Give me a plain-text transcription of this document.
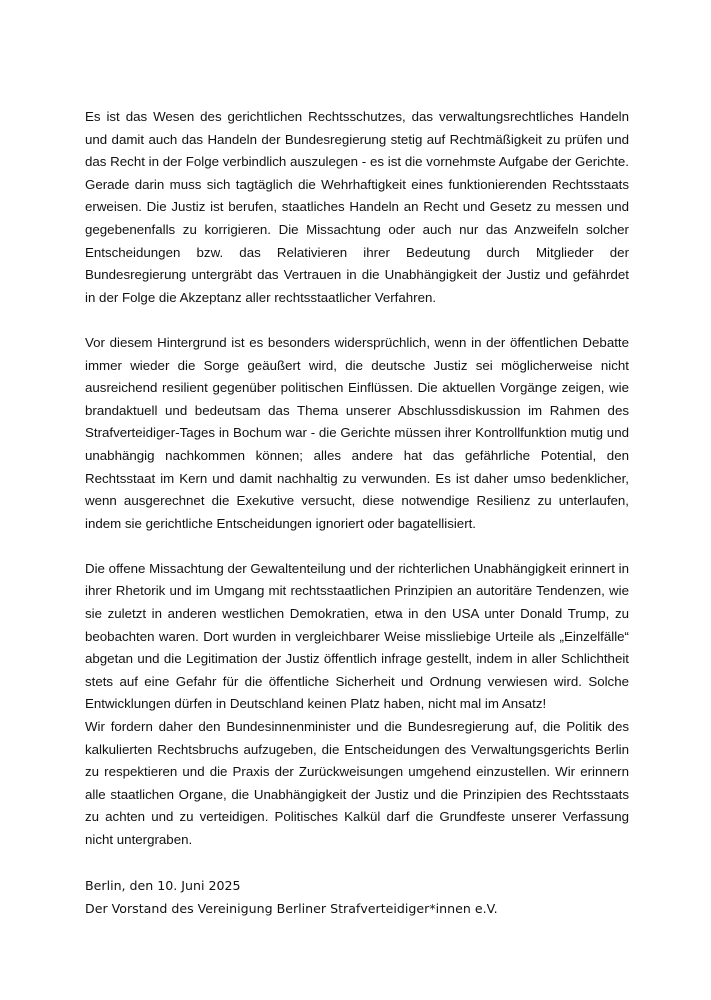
Es ist das Wesen des gerichtlichen Rechtsschutzes, das verwaltungsrechtliches Handeln und damit auch das Handeln der Bundesregierung stetig auf Rechtmäßigkeit zu prüfen und das Recht in der Folge verbindlich auszulegen - es ist die vornehmste Aufgabe der Gerichte. Gerade darin muss sich tagtäglich die Wehrhaftigkeit eines funktionierenden Rechtsstaats erweisen. Die Justiz ist berufen, staatliches Handeln an Recht und Gesetz zu messen und gegebenenfalls zu korrigieren. Die Missachtung oder auch nur das Anzweifeln solcher Entscheidungen bzw. das Relativieren ihrer Bedeutung durch Mitglieder der Bundesregierung untergräbt das Vertrauen in die Unabhängigkeit der Justiz und gefährdet in der Folge die Akzeptanz aller rechtsstaatlicher Verfahren.

Vor diesem Hintergrund ist es besonders widersprüchlich, wenn in der öffentlichen Debatte immer wieder die Sorge geäußert wird, die deutsche Justiz sei möglicherweise nicht ausreichend resilient gegenüber politischen Einflüssen. Die aktuellen Vorgänge zeigen, wie brandaktuell und bedeutsam das Thema unserer Abschlussdiskussion im Rahmen des Strafverteidiger-Tages in Bochum war - die Gerichte müssen ihrer Kontrollfunktion mutig und unabhängig nachkommen können; alles andere hat das gefährliche Potential, den Rechtsstaat im Kern und damit nachhaltig zu verwunden. Es ist daher umso bedenklicher, wenn ausgerechnet die Exekutive versucht, diese notwendige Resilienz zu unterlaufen, indem sie gerichtliche Entscheidungen ignoriert oder bagatellisiert.

Die offene Missachtung der Gewaltenteilung und der richterlichen Unabhängigkeit erinnert in ihrer Rhetorik und im Umgang mit rechtsstaatlichen Prinzipien an autoritäre Tendenzen, wie sie zuletzt in anderen westlichen Demokratien, etwa in den USA unter Donald Trump, zu beobachten waren. Dort wurden in vergleichbarer Weise missliebige Urteile als „Einzelfälle“ abgetan und die Legitimation der Justiz öffentlich infrage gestellt, indem in aller Schlichtheit stets auf eine Gefahr für die öffentliche Sicherheit und Ordnung verwiesen wird. Solche Entwicklungen dürfen in Deutschland keinen Platz haben, nicht mal im Ansatz!

Wir fordern daher den Bundesinnenminister und die Bundesregierung auf, die Politik des kalkulierten Rechtsbruchs aufzugeben, die Entscheidungen des Verwaltungsgerichts Berlin zu respektieren und die Praxis der Zurückweisungen umgehend einzustellen. Wir erinnern alle staatlichen Organe, die Unabhängigkeit der Justiz und die Prinzipien des Rechtsstaats zu achten und zu verteidigen. Politisches Kalkül darf die Grundfeste unserer Verfassung nicht untergraben.

Berlin, den 10. Juni 2025
Der Vorstand des Vereinigung Berliner Strafverteidiger*innen e.V.
